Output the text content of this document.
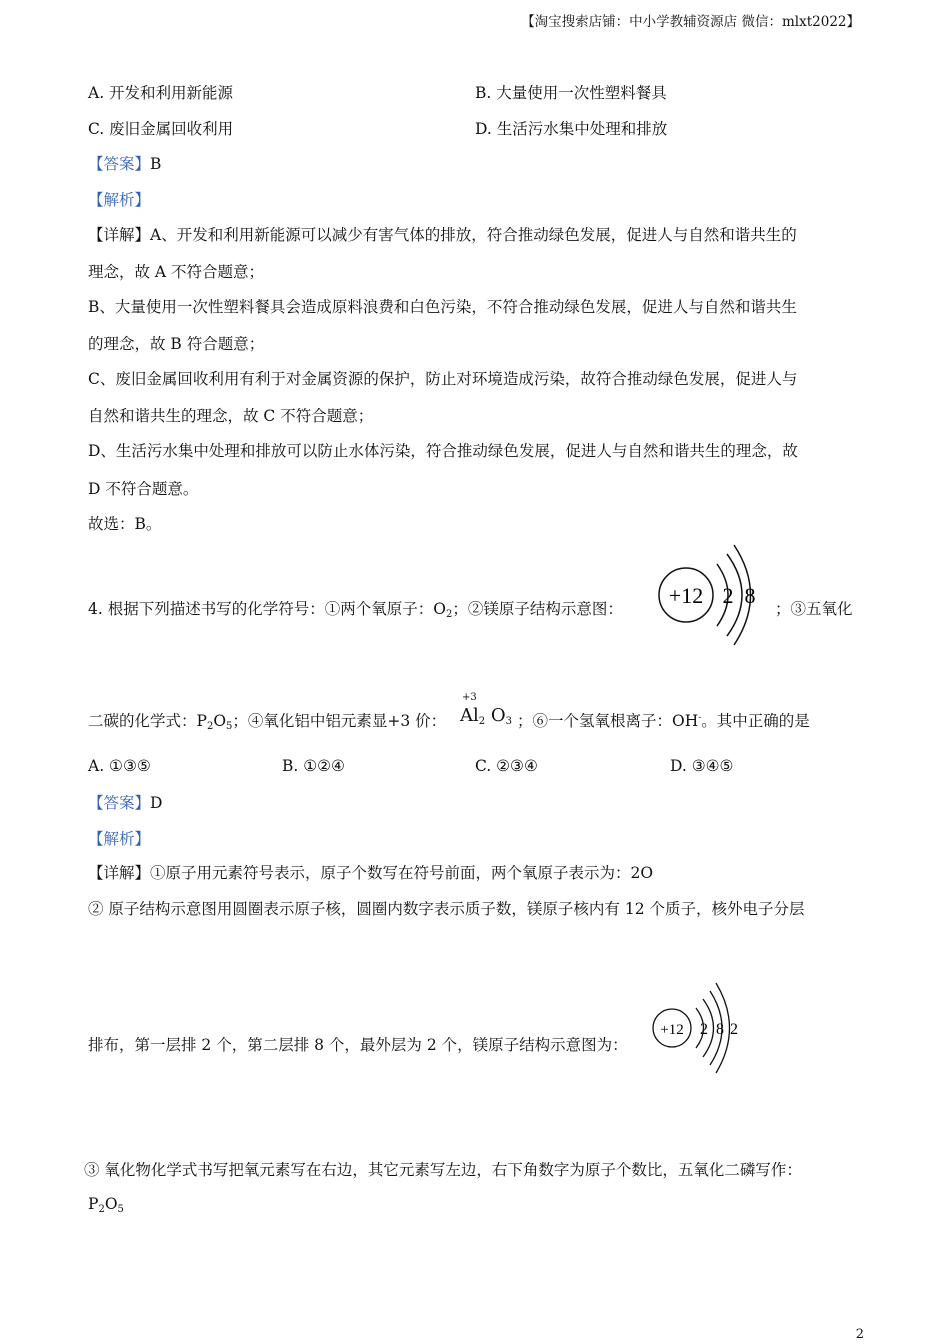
【淘宝搜索店铺：中小学教辅资源店 微信：mlxt2022】
A. 开发和利用新能源	B. 大量使用一次性塑料餐具
C. 废旧金属回收利用	D. 生活污水集中处理和排放
【答案】B
【解析】
【详解】A、开发和利用新能源可以减少有害气体的排放，符合推动绿色发展，促进人与自然和谐共生的
理念，故 A 不符合题意；
B、大量使用一次性塑料餐具会造成原料浪费和白色污染，不符合推动绿色发展，促进人与自然和谐共生
的理念，故 B 符合题意；
C、废旧金属回收利用有利于对金属资源的保护，防止对环境造成污染，故符合推动绿色发展，促进人与
自然和谐共生的理念，故 C 不符合题意；
D、生活污水集中处理和排放可以防止水体污染，符合推动绿色发展，促进人与自然和谐共生的理念，故
D 不符合题意。
故选：B。
4. 根据下列描述书写的化学符号：①两个氧原子：$O_2$；②镁原子结构示意图：
+12 2 8
；③五氧化
二碳的化学式：$P_2O_5$；④氧化铝中铝元素显+3 价：
+3
$Al_2$ $O_3$ ；⑥一个氢氧根离子：OH-。其中正确的是
A. ①③⑤	B. ①②④	C. ②③④	D. ③④⑤
【答案】D
【解析】
【详解】①原子用元素符号表示，原子个数写在符号前面，两个氧原子表示为：2O
② 原子结构示意图用圆圈表示原子核，圆圈内数字表示质子数，镁原子核内有 12 个质子，核外电子分层
排布，第一层排 2 个，第二层排 8 个，最外层为 2 个，镁原子结构示意图为：
+12 2 8 2
③ 氧化物化学式书写把氧元素写在右边，其它元素写左边，右下角数字为原子个数比，五氧化二磷写作：
$P_2O_5$
2
